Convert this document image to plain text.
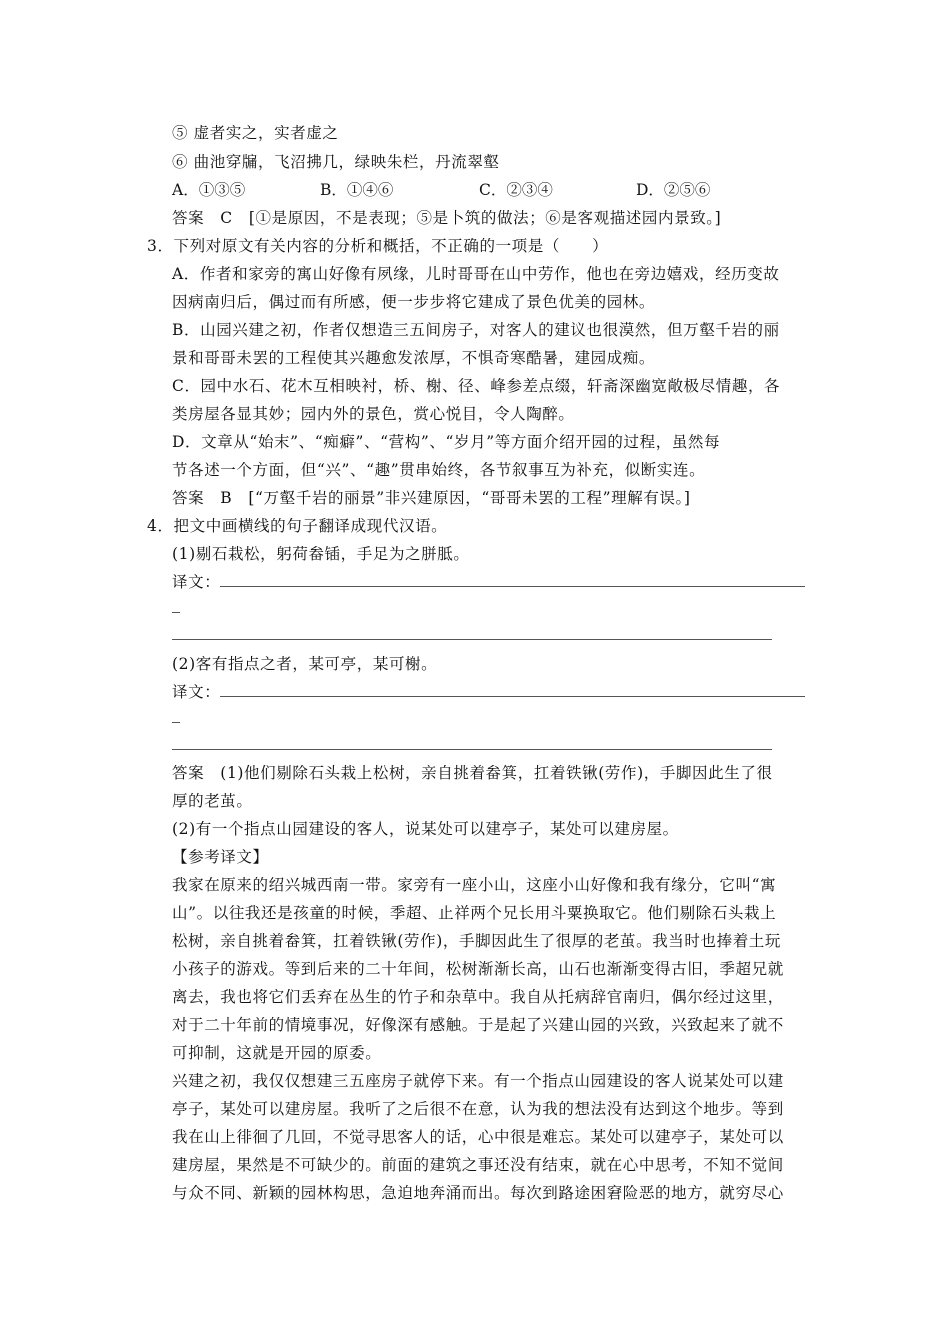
⑤ 虚者实之，实者虚之
⑥ 曲池穿牖，飞沼拂几，绿映朱栏，丹流翠壑
A．①③⑤	B．①④⑥	C．②③④	D．②⑤⑥
答案　C　[①是原因，不是表现；⑤是卜筑的做法；⑥是客观描述园内景致。]
3．下列对原文有关内容的分析和概括，不正确的一项是（　　）
A．作者和家旁的寓山好像有夙缘，儿时哥哥在山中劳作，他也在旁边嬉戏，经历变故
因病南归后，偶过而有所感，便一步步将它建成了景色优美的园林。
B．山园兴建之初，作者仅想造三五间房子，对客人的建议也很漠然，但万壑千岩的丽
景和哥哥未罢的工程使其兴趣愈发浓厚，不惧奇寒酷暑，建园成痴。
C．园中水石、花木互相映衬，桥、榭、径、峰参差点缀，轩斋深幽宽敞极尽情趣，各
类房屋各显其妙；园内外的景色，赏心悦目，令人陶醉。
D．文章从“始末”、“痴癖”、“营构”、“岁月”等方面介绍开园的过程，虽然每
节各述一个方面，但“兴”、“趣”贯串始终，各节叙事互为补充，似断实连。
答案　B　[“万壑千岩的丽景”非兴建原因，“哥哥未罢的工程”理解有误。]
4．把文中画横线的句子翻译成现代汉语。
(1)剔石栽松，躬荷畚锸，手足为之胼胝。
译文：
(2)客有指点之者，某可亭，某可榭。
译文：
答案　(1)他们剔除石头栽上松树，亲自挑着畚箕，扛着铁锹(劳作)，手脚因此生了很
厚的老茧。
(2)有一个指点山园建设的客人，说某处可以建亭子，某处可以建房屋。
【参考译文】
我家在原来的绍兴城西南一带。家旁有一座小山，这座小山好像和我有缘分，它叫“寓
山”。以往我还是孩童的时候，季超、止祥两个兄长用斗粟换取它。他们剔除石头栽上
松树，亲自挑着畚箕，扛着铁锹(劳作)，手脚因此生了很厚的老茧。我当时也捧着土玩
小孩子的游戏。等到后来的二十年间，松树渐渐长高，山石也渐渐变得古旧，季超兄就
离去，我也将它们丢弃在丛生的竹子和杂草中。我自从托病辞官南归，偶尔经过这里，
对于二十年前的情境事况，好像深有感触。于是起了兴建山园的兴致，兴致起来了就不
可抑制，这就是开园的原委。
兴建之初，我仅仅想建三五座房子就停下来。有一个指点山园建设的客人说某处可以建
亭子，某处可以建房屋。我听了之后很不在意，认为我的想法没有达到这个地步。等到
我在山上徘徊了几回，不觉寻思客人的话，心中很是难忘。某处可以建亭子，某处可以
建房屋，果然是不可缺少的。前面的建筑之事还没有结束，就在心中思考，不知不觉间
与众不同、新颖的园林构思，急迫地奔涌而出。每次到路途困窘险恶的地方，就穷尽心
